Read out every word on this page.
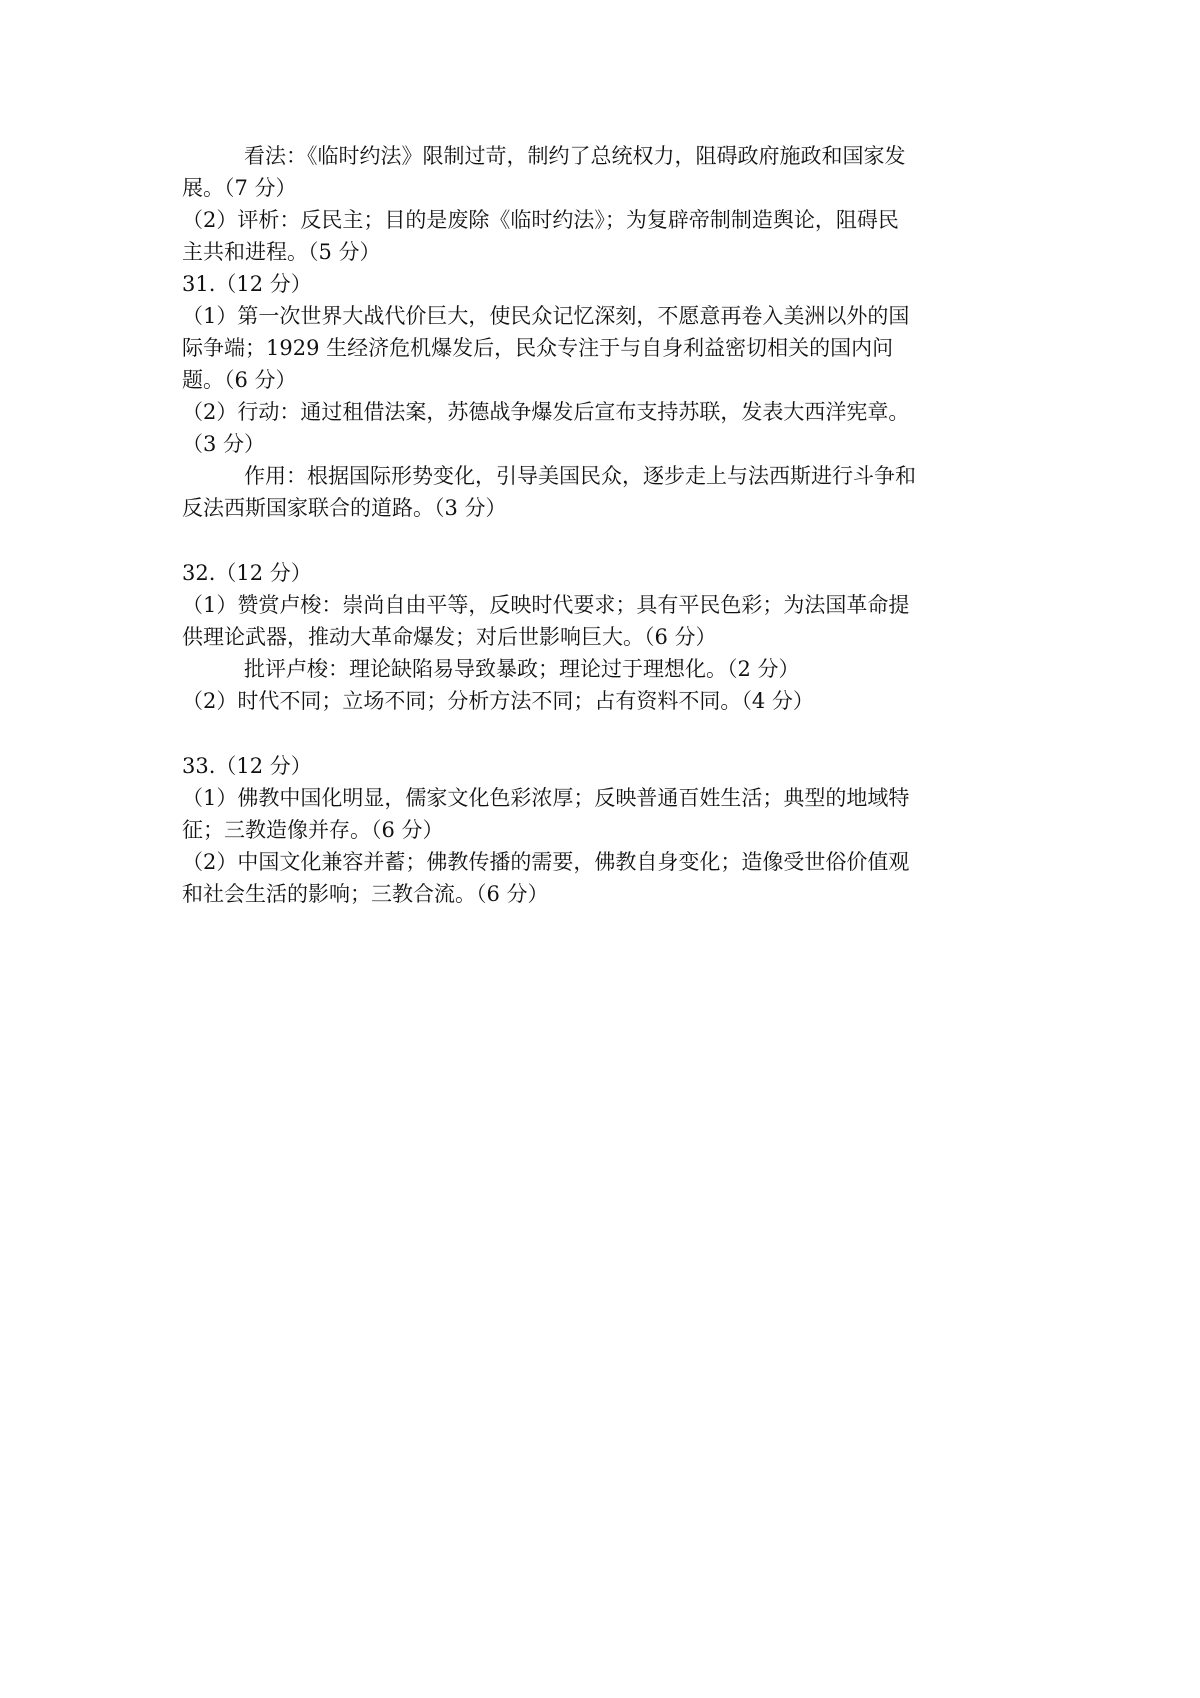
看法：《临时约法》限制过苛，制约了总统权力，阻碍政府施政和国家发
展。（7 分）
（2）评析：反民主；目的是废除《临时约法》；为复辟帝制制造舆论，阻碍民
主共和进程。（5 分）
31.（12 分）
（1）第一次世界大战代价巨大，使民众记忆深刻，不愿意再卷入美洲以外的国
际争端；1929 生经济危机爆发后，民众专注于与自身利益密切相关的国内问
题。（6 分）
（2）行动：通过租借法案，苏德战争爆发后宣布支持苏联，发表大西洋宪章。
（3 分）
作用：根据国际形势变化，引导美国民众，逐步走上与法西斯进行斗争和
反法西斯国家联合的道路。（3 分）
32.（12 分）
（1）赞赏卢梭：崇尚自由平等，反映时代要求；具有平民色彩；为法国革命提
供理论武器，推动大革命爆发；对后世影响巨大。（6 分）
批评卢梭：理论缺陷易导致暴政；理论过于理想化。（2 分）
（2）时代不同；立场不同；分析方法不同；占有资料不同。（4 分）
33.（12 分）
（1）佛教中国化明显，儒家文化色彩浓厚；反映普通百姓生活；典型的地域特
征；三教造像并存。（6 分）
（2）中国文化兼容并蓄；佛教传播的需要，佛教自身变化；造像受世俗价值观
和社会生活的影响；三教合流。（6 分）
